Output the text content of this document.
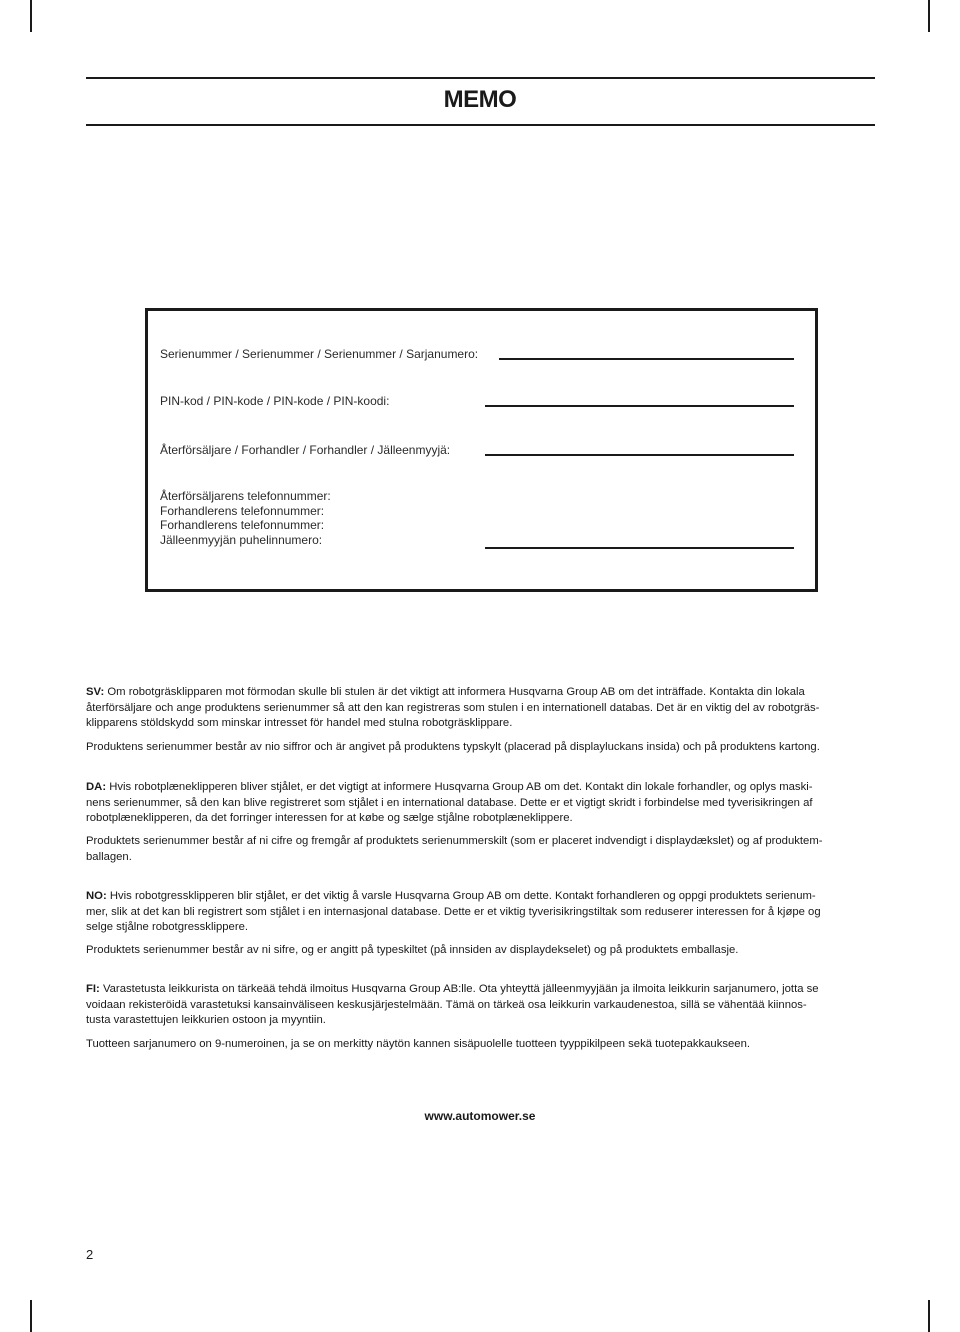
MEMO
Serienummer / Serienummer / Serienummer / Sarjanumero:
PIN-kod / PIN-kode / PIN-kode / PIN-koodi:
Återförsäljare / Forhandler / Forhandler / Jälleenmyyjä:
Återförsäljarens telefonnummer:
Forhandlerens telefonnummer:
Forhandlerens telefonnummer:
Jälleenmyyjän puhelinnumero:

SV: Om robotgräsklipparen mot förmodan skulle bli stulen är det viktigt att informera Husqvarna Group AB om det inträffade. Kontakta din lokala
återförsäljare och ange produktens serienummer så att den kan registreras som stulen i en internationell databas. Det är en viktig del av robotgräs-
klipparens stöldskydd som minskar intresset för handel med stulna robotgräsklippare.

Produktens serienummer består av nio siffror och är angivet på produktens typskylt (placerad på displayluckans insida) och på produktens kartong.

DA: Hvis robotplæneklipperen bliver stjålet, er det vigtigt at informere Husqvarna Group AB om det. Kontakt din lokale forhandler, og oplys maski-
nens serienummer, så den kan blive registreret som stjålet i en international database. Dette er et vigtigt skridt i forbindelse med tyverisikringen af
robotplæneklipperen, da det forringer interessen for at købe og sælge stjålne robotplæneklippere.

Produktets serienummer består af ni cifre og fremgår af produktets serienummerskilt (som er placeret indvendigt i displaydækslet) og af produktem-
ballagen.

NO: Hvis robotgressklipperen blir stjålet, er det viktig å varsle Husqvarna Group AB om dette. Kontakt forhandleren og oppgi produktets serienum-
mer, slik at det kan bli registrert som stjålet i en internasjonal database. Dette er et viktig tyverisikringstiltak som reduserer interessen for å kjøpe og
selge stjålne robotgressklippere.

Produktets serienummer består av ni sifre, og er angitt på typeskiltet (på innsiden av displaydekselet) og på produktets emballasje.

FI: Varastetusta leikkurista on tärkeää tehdä ilmoitus Husqvarna Group AB:lle. Ota yhteyttä jälleenmyyjään ja ilmoita leikkurin sarjanumero, jotta se
voidaan rekisteröidä varastetuksi kansainväliseen keskusjärjestelmään. Tämä on tärkeä osa leikkurin varkaudenestoa, sillä se vähentää kiinnos-
tusta varastettujen leikkurien ostoon ja myyntiin.

Tuotteen sarjanumero on 9-numeroinen, ja se on merkitty näytön kannen sisäpuolelle tuotteen tyyppikilpeen sekä tuotepakkaukseen.

www.automower.se
2
